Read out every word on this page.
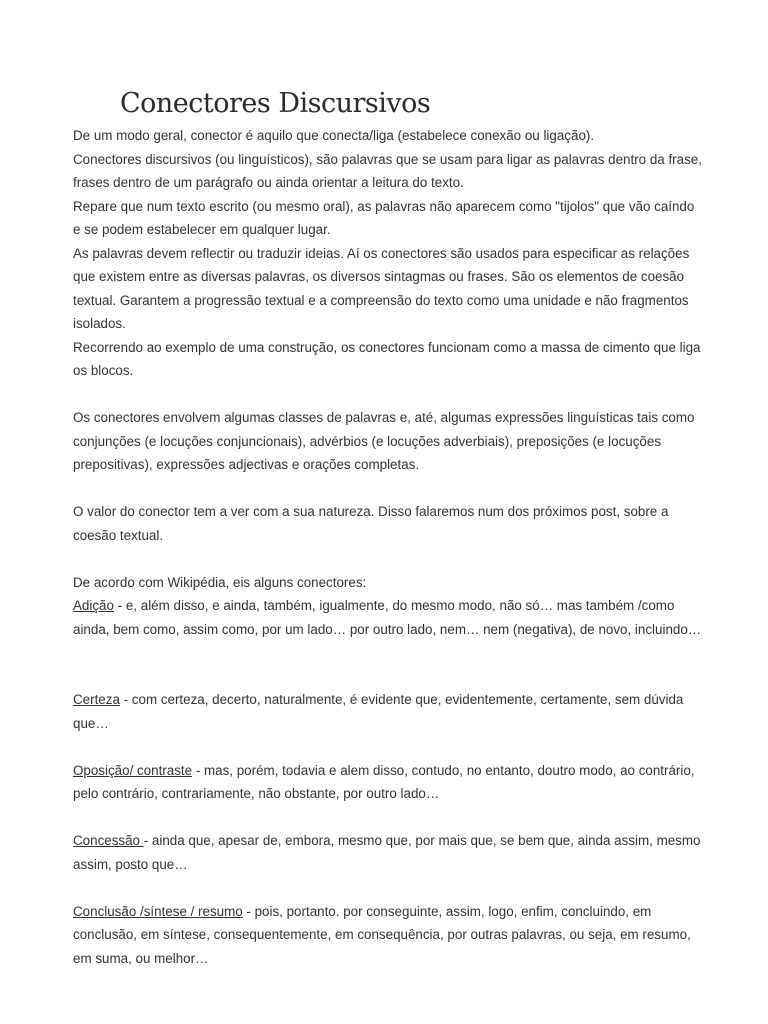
Conectores Discursivos

De um modo geral, conector é aquilo que conecta/liga (estabelece conexão ou ligação).

Conectores discursivos (ou linguísticos), são palavras que se usam para ligar as palavras dentro da frase, frases dentro de um parágrafo ou ainda orientar a leitura do texto.

Repare que num texto escrito (ou mesmo oral), as palavras não aparecem como "tijolos" que vão caíndo e se podem estabelecer em qualquer lugar.

As palavras devem reflectir ou traduzir ideias. Aí os conectores são usados para especificar as relações que existem entre as diversas palavras, os diversos sintagmas ou frases. São os elementos de coesão textual. Garantem a progressão textual e a compreensão do texto como uma unidade e não fragmentos isolados.

Recorrendo ao exemplo de uma construção, os conectores funcionam como a massa de cimento que liga os blocos.

Os conectores envolvem algumas classes de palavras e, até, algumas expressões linguísticas tais como conjunções (e locuções conjuncionais), advérbios (e locuções adverbiais), preposições (e locuções prepositivas), expressões adjectivas e orações completas.

O valor do conector tem a ver com a sua natureza. Disso falaremos num dos próximos post, sobre a coesão textual.

De acordo com Wikipédia, eis alguns conectores:

Adição - e, além disso, e ainda, também, igualmente, do mesmo modo, não só… mas também /como ainda, bem como, assim como, por um lado… por outro lado, nem… nem (negativa), de novo, incluindo…

Certeza - com certeza, decerto, naturalmente, é evidente que, evidentemente, certamente, sem dúvida que…

Oposição/ contraste - mas, porém, todavia e alem disso, contudo, no entanto, doutro modo, ao contrário, pelo contrário, contrariamente, não obstante, por outro lado…

Concessão - ainda que, apesar de, embora, mesmo que, por mais que, se bem que, ainda assim, mesmo assim, posto que…

Conclusão /síntese / resumo - pois, portanto. por conseguinte, assim, logo, enfim, concluindo, em conclusão, em síntese, consequentemente, em consequência, por outras palavras, ou seja, em resumo, em suma, ou melhor…
